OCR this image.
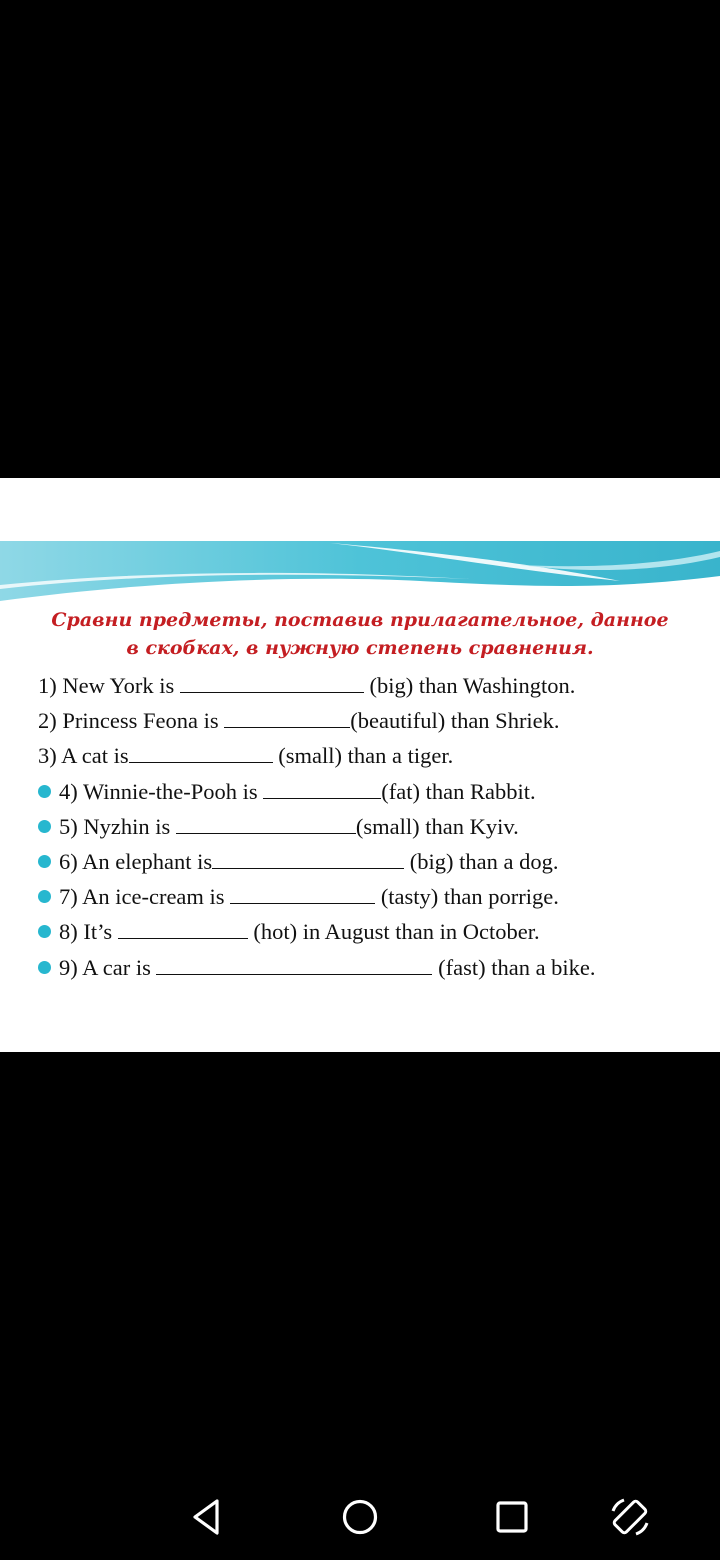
Сравни предметы, поставив прилагательное, данное
в скобках, в нужную степень сравнения.
1) New York is	(big) than Washington.
2) Princess Feona is	(beautiful) than Shriek.
3) A cat is	(small) than a tiger.
4) Winnie-the-Pooh is	(fat) than Rabbit.
5) Nyzhin is	(small) than Kyiv.
6) An elephant is	(big) than a dog.
7) An ice-cream is	(tasty) than porrige.
8) It’s	(hot) in August than in October.
9) A car is	(fast) than a bike.
